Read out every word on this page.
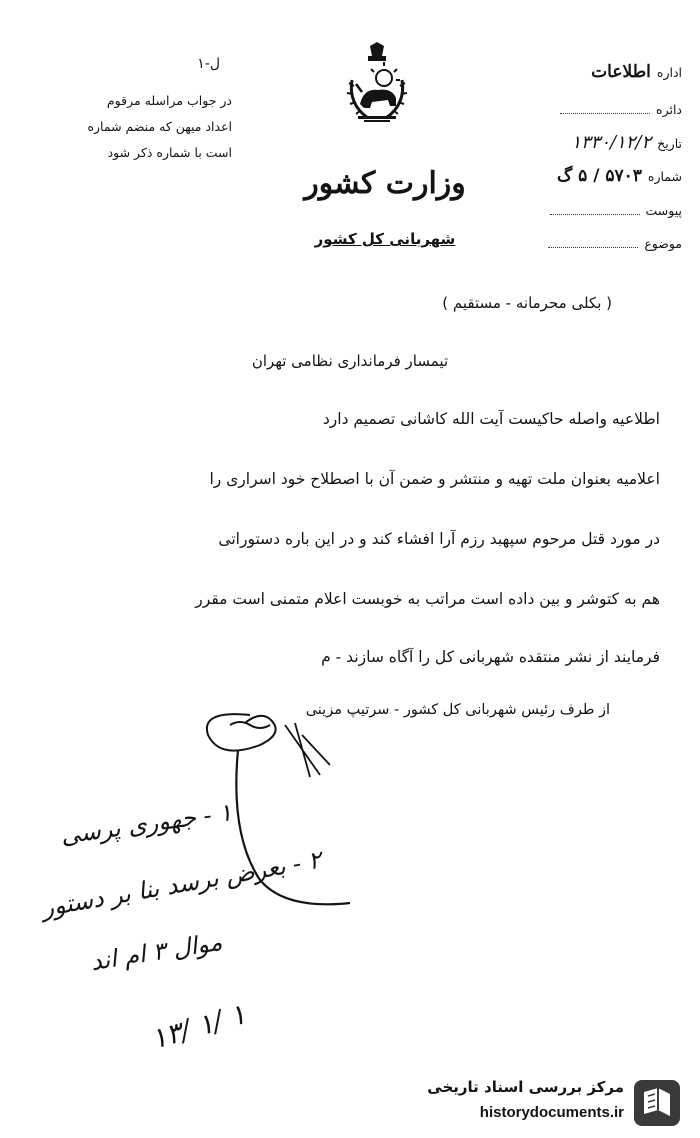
ل-۱
در جواب مراسله مرقوم
اعداد میهن که منضم شماره
است با شماره ذکر شود
وزارت کشور
شهربانی کل کشور
اداره
اطلاعات
دائره
تاریخ
۱۳۳۰/۱۲/۲
شماره
۵۷۰۳ / ۵ گ
پیوست
موضوع
( بکلی محرمانه - مستقیم )
تیمسار فرمانداری نظامی تهران
اطلاعیه واصله حاکیست آیت الله کاشانی تصمیم دارد
اعلامیه بعنوان ملت تهیه و منتشر و ضمن آن با اصطلاح خود اسراری را
در مورد قتل مرحوم سپهبد رزم آرا افشاء کند و در این باره دستوراتی
هم به کتوشر و بین داده است مراتب به خوبست اعلام متمنی است مقرر
فرمایند از نشر منتقده شهربانی کل را آگاه سازند - م
از طرف رئیس شهربانی کل کشور - سرتیپ مزینی
۱ - جهوری پرسی
۲ - بعرض برسد بنا بر دستور
موال ۳ ام اند
۱۳/ ۱/ ۱
مرکز بررسی اسناد تاریخی
historydocuments.ir
